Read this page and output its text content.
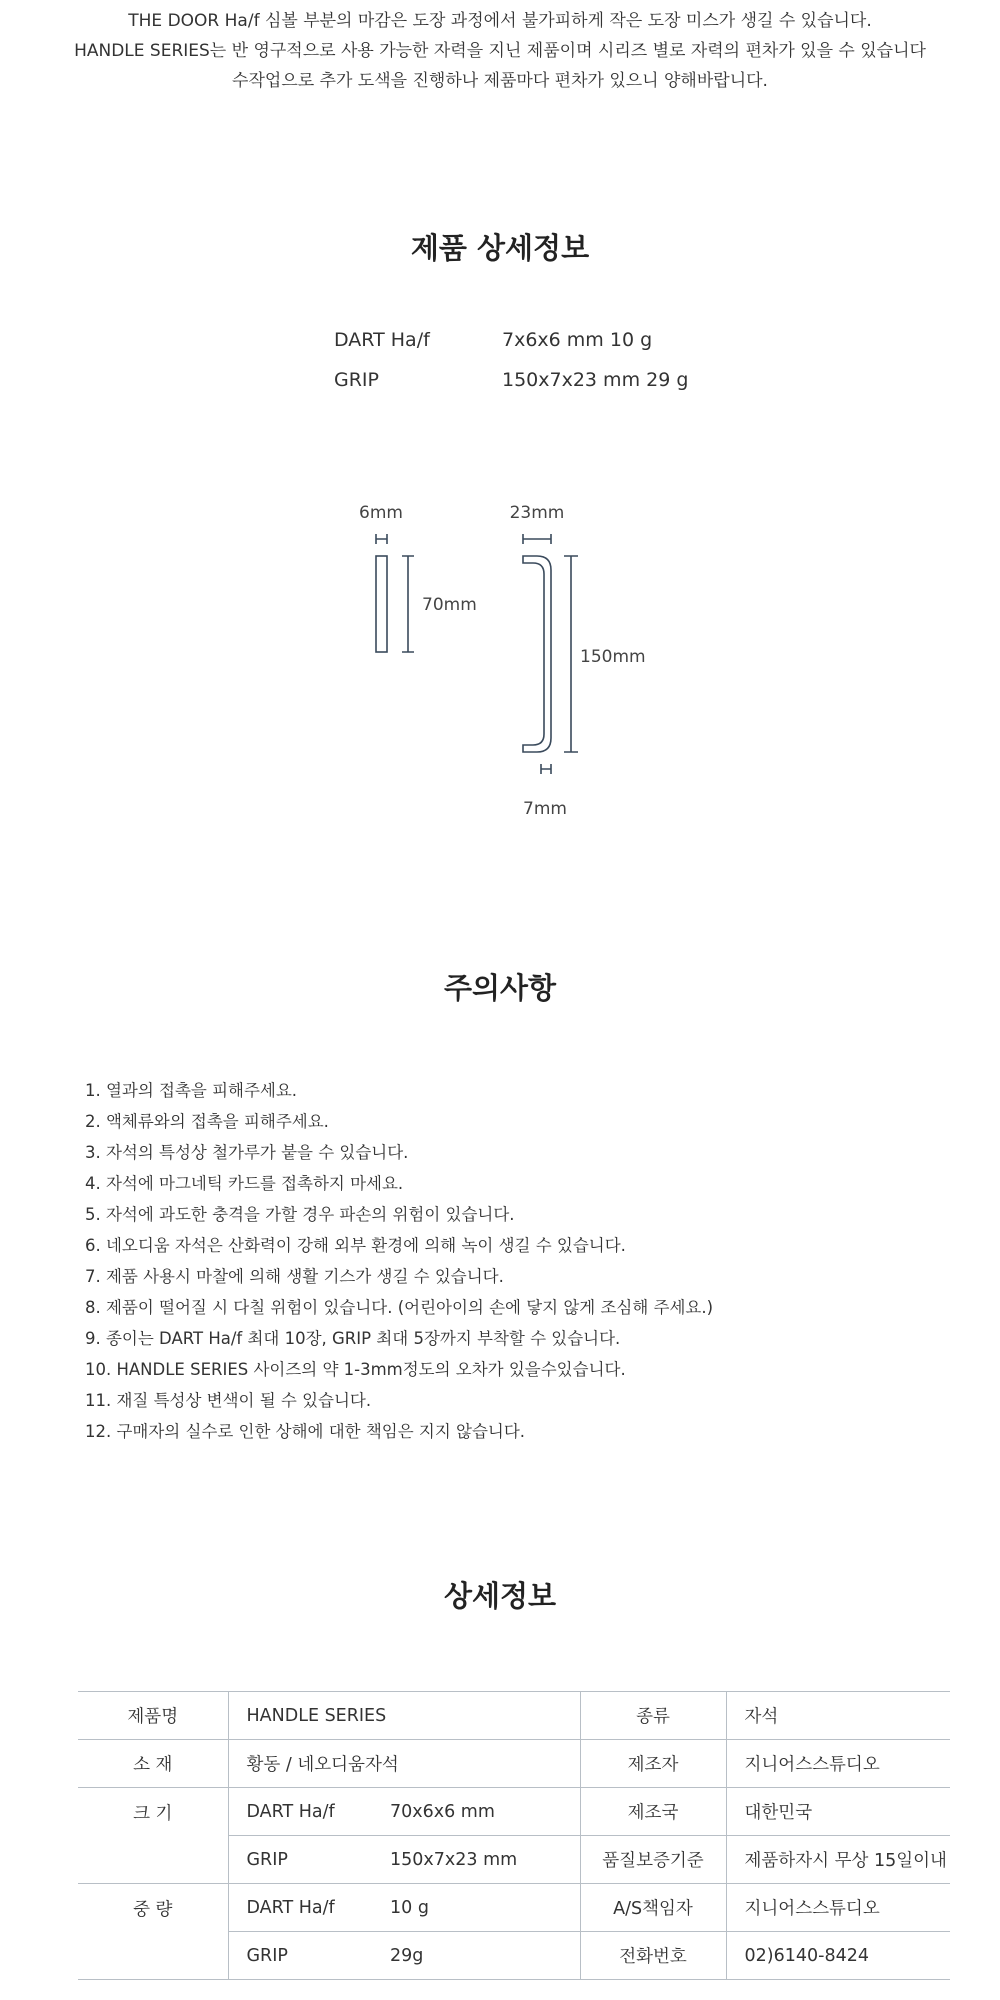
THE DOOR Ha/f 심볼 부분의 마감은 도장 과정에서 불가피하게 작은 도장 미스가 생길 수 있습니다.
HANDLE SERIES는 반 영구적으로 사용 가능한 자력을 지닌 제품이며 시리즈 별로 자력의 편차가 있을 수 있습니다
수작업으로 추가 도색을 진행하나 제품마다 편차가 있으니 양해바랍니다.
제품 상세정보
DART Ha/f	7x6x6 mm 10 g
GRIP	150x7x23 mm 29 g
6mm
70mm
23mm
150mm
7mm
주의사항
1. 열과의 접촉을 피해주세요.
2. 액체류와의 접촉을 피해주세요.
3. 자석의 특성상 철가루가 붙을 수 있습니다.
4. 자석에 마그네틱 카드를 접촉하지 마세요.
5. 자석에 과도한 충격을 가할 경우 파손의 위험이 있습니다.
6. 네오디움 자석은 산화력이 강해 외부 환경에 의해 녹이 생길 수 있습니다.
7. 제품 사용시 마찰에 의해 생활 기스가 생길 수 있습니다.
8. 제품이 떨어질 시 다칠 위험이 있습니다. (어린아이의 손에 닿지 않게 조심해 주세요.)
9. 종이는 DART Ha/f 최대 10장, GRIP 최대 5장까지 부착할 수 있습니다.
10. HANDLE SERIES 사이즈의 약 1-3mm정도의 오차가 있을수있습니다.
11. 재질 특성상 변색이 될 수 있습니다.
12. 구매자의 실수로 인한 상해에 대한 책임은 지지 않습니다.
상세정보
제품명	HANDLE SERIES		종류	자석
소 재	황동 / 네오디움자석		제조자	지니어스스튜디오
크 기	DART Ha/f	70x6x6 mm	제조국	대한민국
	GRIP	150x7x23 mm	품질보증기준	제품하자시 무상 15일이내
중 량	DART Ha/f	10 g	A/S책임자	지니어스스튜디오
	GRIP	29g	전화번호	02)6140-8424
